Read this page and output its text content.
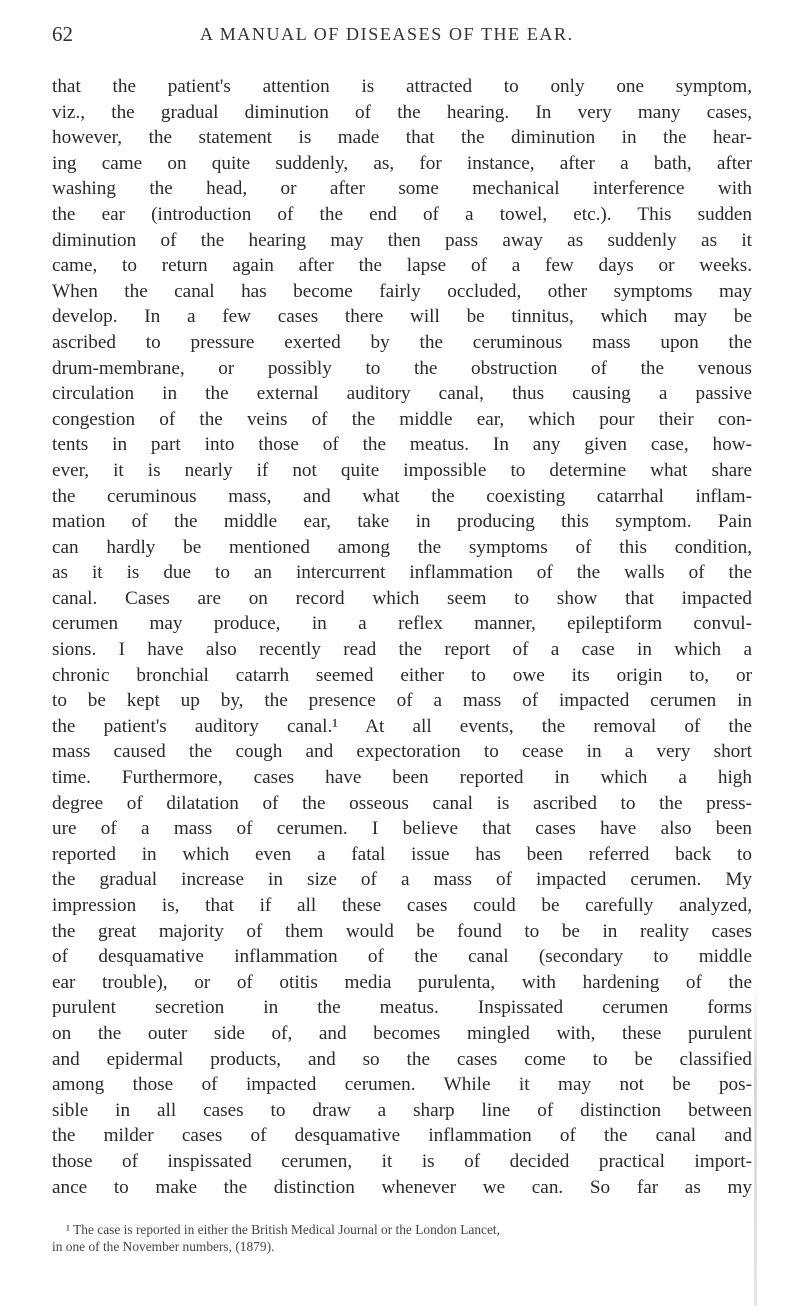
62	A MANUAL OF DISEASES OF THE EAR.
that the patient's attention is attracted to only one symptom,
viz., the gradual diminution of the hearing. In very many cases,
however, the statement is made that the diminution in the hear-
ing came on quite suddenly, as, for instance, after a bath, after
washing the head, or after some mechanical interference with
the ear (introduction of the end of a towel, etc.). This sudden
diminution of the hearing may then pass away as suddenly as it
came, to return again after the lapse of a few days or weeks.
When the canal has become fairly occluded, other symptoms may
develop. In a few cases there will be tinnitus, which may be
ascribed to pressure exerted by the ceruminous mass upon the
drum-membrane, or possibly to the obstruction of the venous
circulation in the external auditory canal, thus causing a passive
congestion of the veins of the middle ear, which pour their con-
tents in part into those of the meatus. In any given case, how-
ever, it is nearly if not quite impossible to determine what share
the ceruminous mass, and what the coexisting catarrhal inflam-
mation of the middle ear, take in producing this symptom. Pain
can hardly be mentioned among the symptoms of this condition,
as it is due to an intercurrent inflammation of the walls of the
canal. Cases are on record which seem to show that impacted
cerumen may produce, in a reflex manner, epileptiform convul-
sions. I have also recently read the report of a case in which a
chronic bronchial catarrh seemed either to owe its origin to, or
to be kept up by, the presence of a mass of impacted cerumen in
the patient's auditory canal.¹ At all events, the removal of the
mass caused the cough and expectoration to cease in a very short
time. Furthermore, cases have been reported in which a high
degree of dilatation of the osseous canal is ascribed to the press-
ure of a mass of cerumen. I believe that cases have also been
reported in which even a fatal issue has been referred back to
the gradual increase in size of a mass of impacted cerumen. My
impression is, that if all these cases could be carefully analyzed,
the great majority of them would be found to be in reality cases
of desquamative inflammation of the canal (secondary to middle
ear trouble), or of otitis media purulenta, with hardening of the
purulent secretion in the meatus. Inspissated cerumen forms
on the outer side of, and becomes mingled with, these purulent
and epidermal products, and so the cases come to be classified
among those of impacted cerumen. While it may not be pos-
sible in all cases to draw a sharp line of distinction between
the milder cases of desquamative inflammation of the canal and
those of inspissated cerumen, it is of decided practical import-
ance to make the distinction whenever we can. So far as my
¹ The case is reported in either the British Medical Journal or the London Lancet,
in one of the November numbers, (1879).
